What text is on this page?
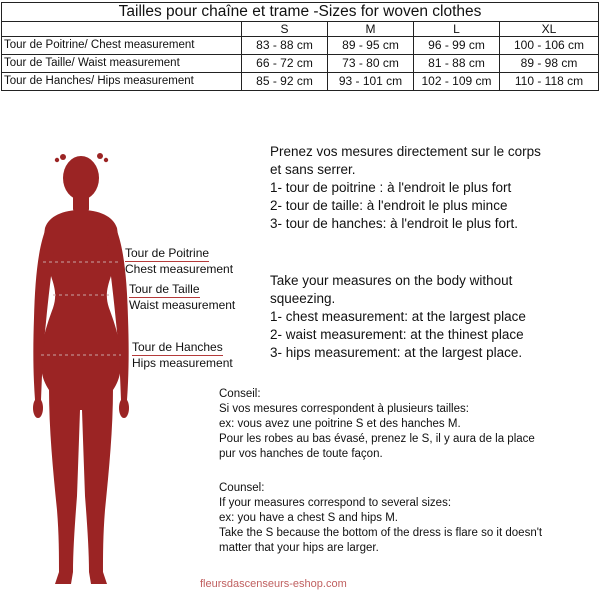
Tailles pour chaîne et trame -Sizes for woven clothes				
	S	M	L	XL
Tour de Poitrine/ Chest measurement	83 - 88 cm	89 - 95 cm	96 - 99 cm	100 - 106 cm
Tour de Taille/ Waist measurement	66 - 72 cm	73 - 80 cm	81 - 88 cm	89 - 98 cm
Tour de Hanches/ Hips measurement	85 - 92 cm	93 - 101 cm	102 - 109 cm	110 - 118 cm
Tour de Poitrine
Chest measurement
Tour de Taille
Waist measurement
Tour de Hanches
Hips measurement
Prenez vos mesures directement sur le corps
et sans serrer.
1- tour de poitrine : à l'endroit le plus fort
2- tour de taille: à l'endroit le plus mince
3- tour de hanches: à l'endroit le plus fort.
Take your measures on the body without
squeezing.
1- chest measurement: at the largest place
2- waist measurement: at the thinest place
3- hips measurement: at the largest place.
Conseil:
Si vos mesures correspondent à plusieurs tailles:
ex: vous avez une poitrine S et des hanches M.
Pour les robes au bas évasé, prenez le S, il y aura de la place
pur vos hanches de toute façon.
Counsel:
If your measures correspond to several sizes:
ex: you have a chest S and hips M.
Take the S because the bottom of the dress is flare so it doesn't
matter that your hips are larger.
fleursdascenseurs-eshop.com
